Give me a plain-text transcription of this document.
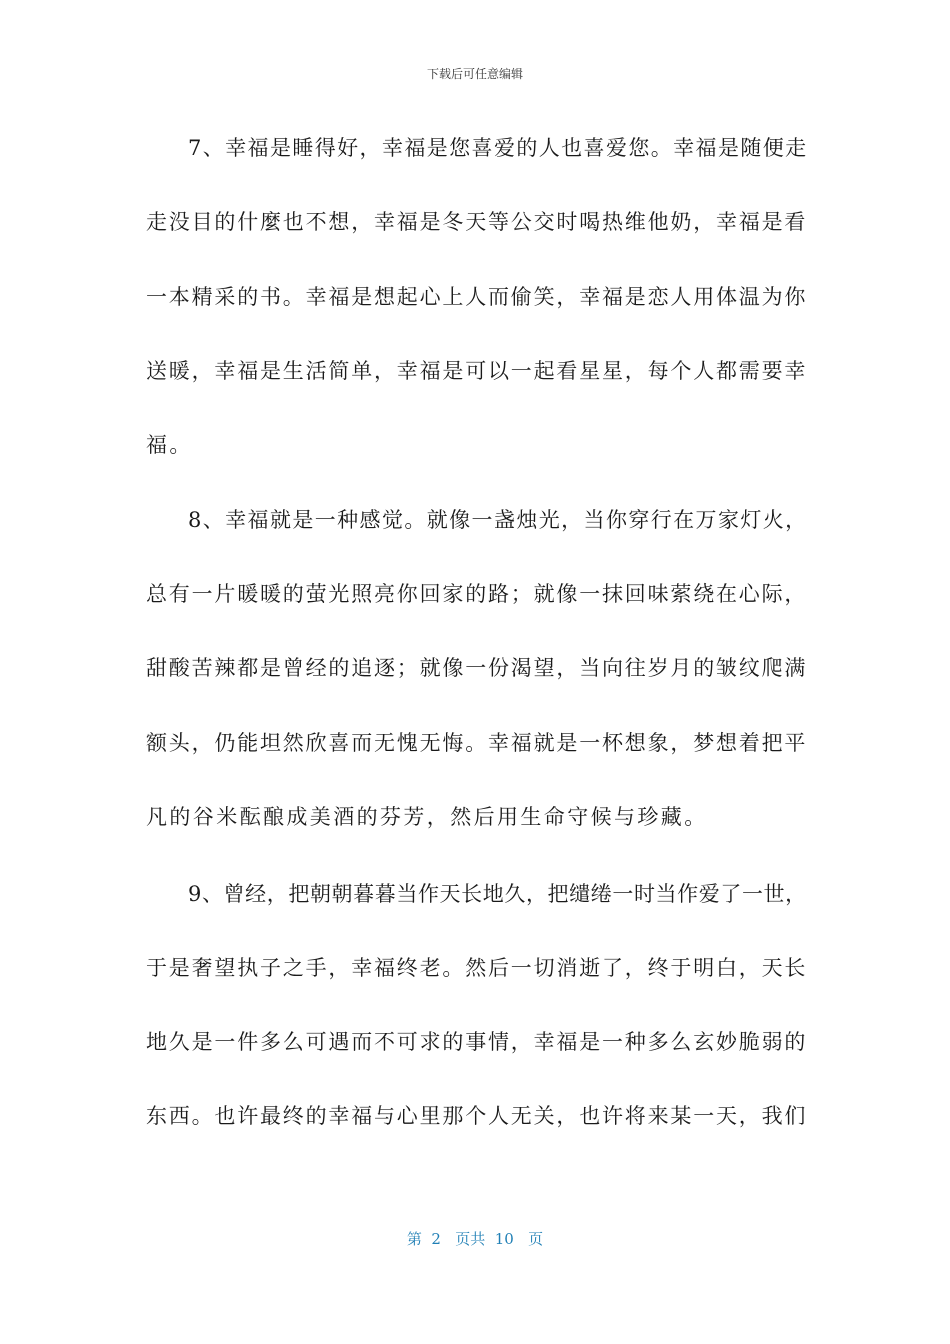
下载后可任意编辑
7、幸福是睡得好，幸福是您喜爱的人也喜爱您。幸福是随便走
走没目的什麼也不想，幸福是冬天等公交时喝热维他奶，幸福是看
一本精采的书。幸福是想起心上人而偷笑，幸福是恋人用体温为你
送暖，幸福是生活简单，幸福是可以一起看星星，每个人都需要幸
福。
8、幸福就是一种感觉。就像一盏烛光，当你穿行在万家灯火，
总有一片暖暖的萤光照亮你回家的路；就像一抹回味萦绕在心际，
甜酸苦辣都是曾经的追逐；就像一份渴望，当向往岁月的皱纹爬满
额头，仍能坦然欣喜而无愧无悔。幸福就是一杯想象，梦想着把平
凡的谷米酝酿成美酒的芬芳，然后用生命守候与珍藏。
9、曾经，把朝朝暮暮当作天长地久，把缱绻一时当作爱了一世，
于是奢望执子之手，幸福终老。然后一切消逝了，终于明白，天长
地久是一件多么可遇而不可求的事情，幸福是一种多么玄妙脆弱的
东西。也许最终的幸福与心里那个人无关，也许将来某一天，我们
第  2   页共  10   页
